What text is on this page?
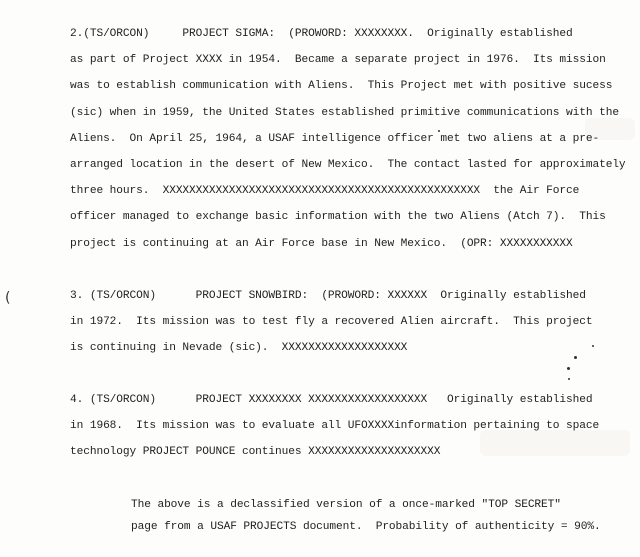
(
2.(TS/ORCON)     PROJECT SIGMA:  (PROWORD: XXXXXXXX.  Originally established
as part of Project XXXX in 1954.  Became a separate project in 1976.  Its mission
was to establish communication with Aliens.  This Project met with positive sucess
(sic) when in 1959, the United States established primitive communications with the
Aliens.  On April 25, 1964, a USAF intelligence officer met two aliens at a pre-
arranged location in the desert of New Mexico.  The contact lasted for approximately
three hours.  XXXXXXXXXXXXXXXXXXXXXXXXXXXXXXXXXXXXXXXXXXXXXXXX  the Air Force
officer managed to exchange basic information with the two Aliens (Atch 7).  This
project is continuing at an Air Force base in New Mexico.  (OPR: XXXXXXXXXXX
3. (TS/ORCON)      PROJECT SNOWBIRD:  (PROWORD: XXXXXX  Originally established
in 1972.  Its mission was to test fly a recovered Alien aircraft.  This project
is continuing in Nevade (sic).  XXXXXXXXXXXXXXXXXXX
4. (TS/ORCON)      PROJECT XXXXXXXX XXXXXXXXXXXXXXXXXX   Originally established
in 1968.  Its mission was to evaluate all UFOXXXXinformation pertaining to space
technology PROJECT POUNCE continues XXXXXXXXXXXXXXXXXXXX
The above is a declassified version of a once-marked "TOP SECRET"
page from a USAF PROJECTS document.  Probability of authenticity = 90%.
